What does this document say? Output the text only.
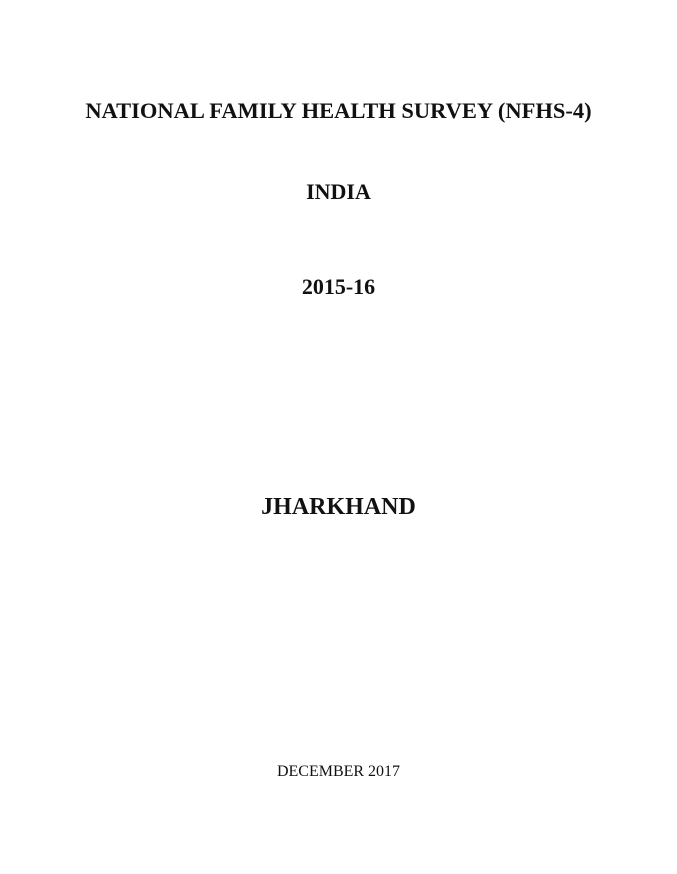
NATIONAL FAMILY HEALTH SURVEY (NFHS-4)
INDIA
2015-16
JHARKHAND
DECEMBER 2017
